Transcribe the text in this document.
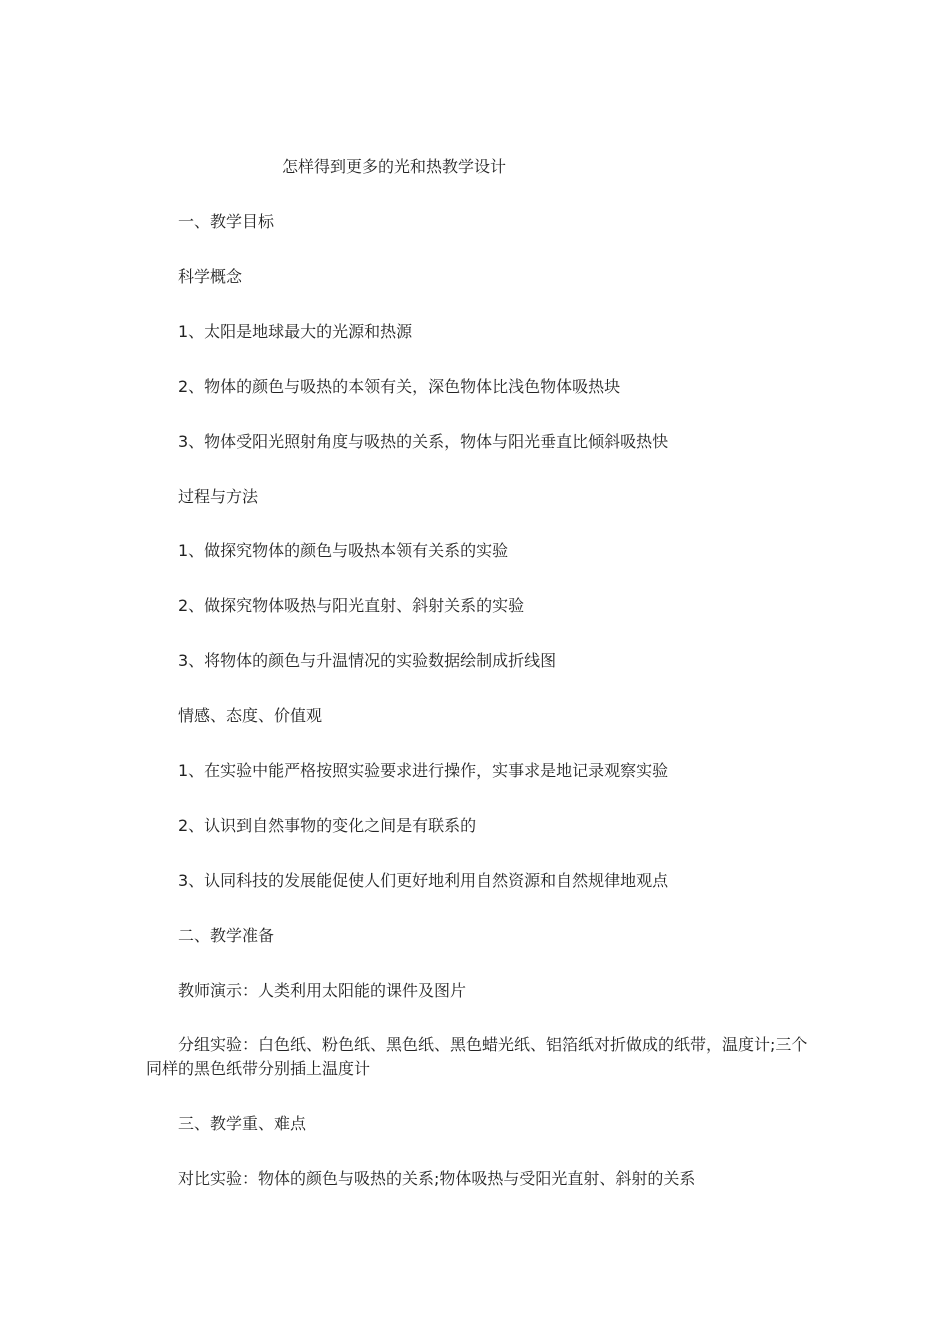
怎样得到更多的光和热教学设计
一、教学目标
科学概念
1、太阳是地球最大的光源和热源
2、物体的颜色与吸热的本领有关，深色物体比浅色物体吸热块
3、物体受阳光照射角度与吸热的关系，物体与阳光垂直比倾斜吸热快
过程与方法
1、做探究物体的颜色与吸热本领有关系的实验
2、做探究物体吸热与阳光直射、斜射关系的实验
3、将物体的颜色与升温情况的实验数据绘制成折线图
情感、态度、价值观
1、在实验中能严格按照实验要求进行操作，实事求是地记录观察实验
2、认识到自然事物的变化之间是有联系的
3、认同科技的发展能促使人们更好地利用自然资源和自然规律地观点
二、教学准备
教师演示：人类利用太阳能的课件及图片
分组实验：白色纸、粉色纸、黑色纸、黑色蜡光纸、铝箔纸对折做成的纸带，温度计;三个同样的黑色纸带分别插上温度计
三、教学重、难点
对比实验：物体的颜色与吸热的关系;物体吸热与受阳光直射、斜射的关系
